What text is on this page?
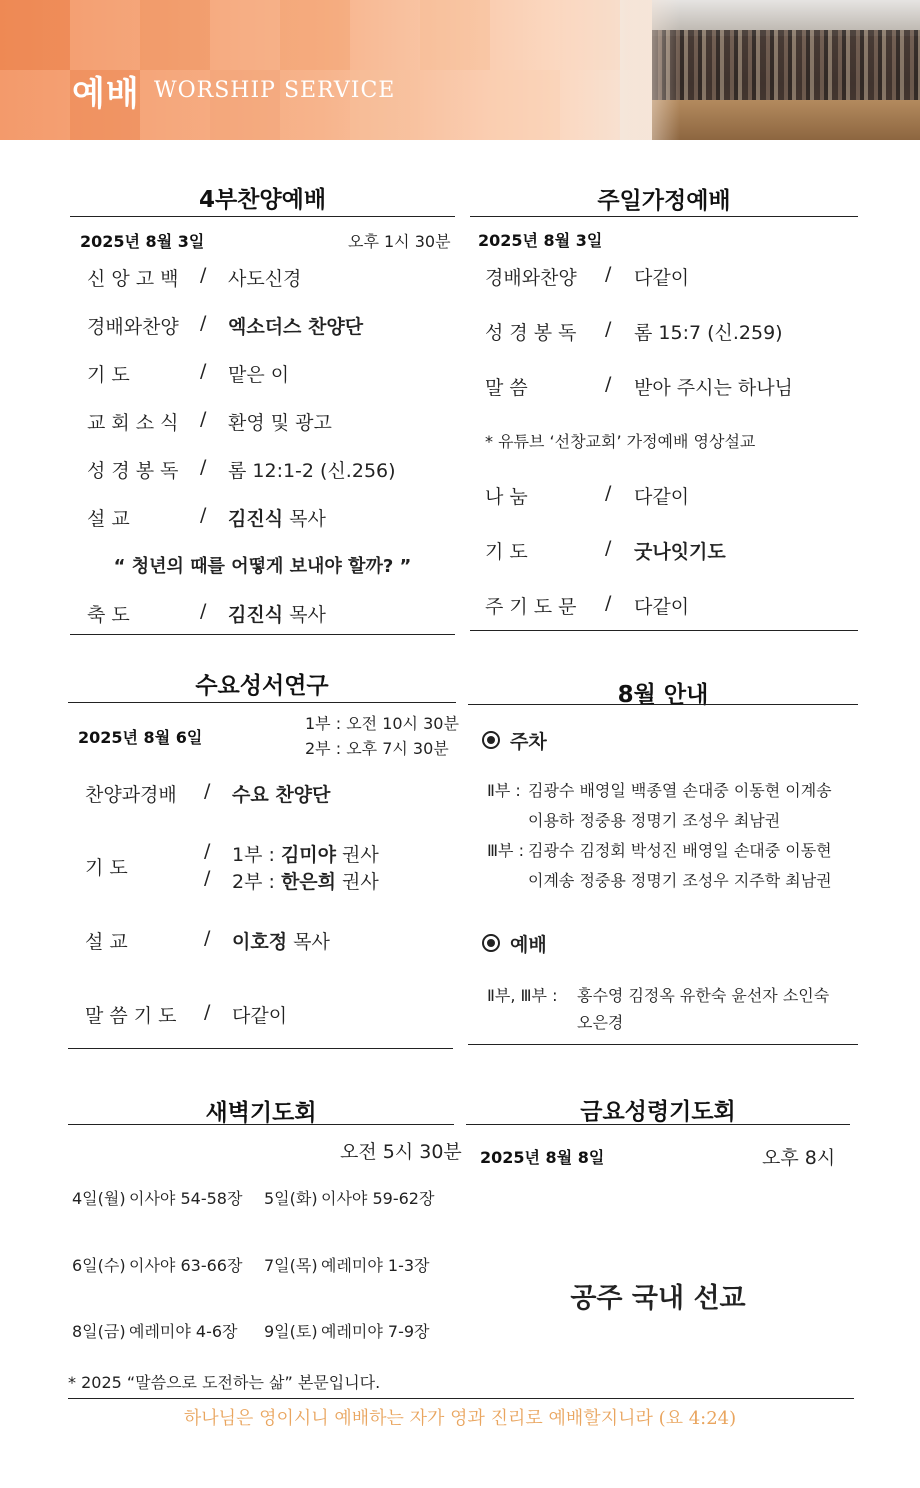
예배 WORSHIP SERVICE
4부찬양예배
2025년 8월 3일	오후 1시 30분
신 앙 고 백 / 사도신경
경배와찬양 / 엑소더스 찬양단
기 도	/ 맡은 이
교 회 소 식 / 환영 및 광고
성 경 봉 독 / 롬 12:1-2 (신.256)
설 교	/ 김진식 목사
“ 청년의 때를 어떻게 보내야 할까? ”
축 도	/ 김진식 목사
주일가정예배
2025년 8월 3일
경배와찬양 / 다같이
성 경 봉 독 / 롬 15:7 (신.259)
말 씀	/ 받아 주시는 하나님
* 유튜브 ‘선창교회’ 가정예배 영상설교
나 눔	/ 다같이
기 도	/ 굿나잇기도
주 기 도 문 / 다같이
수요성서연구
2025년 8월 6일
1부 : 오전 10시 30분
2부 : 오후 7시 30분
찬양과경배 / 수요 찬양단
기 도
/ 1부 : 김미야 권사
/ 2부 : 한은희 권사
설 교	/ 이호정 목사
말 씀 기 도 / 다같이
8월 안내
주차
Ⅱ부 : 김광수 배영일 백종열 손대중 이동현 이계송
이용하 정중용 정명기 조성우 최남권
Ⅲ부 : 김광수 김정회 박성진 배영일 손대중 이동현
이계송 정중용 정명기 조성우 지주학 최남권
예배
Ⅱ부, Ⅲ부 : 홍수영 김정옥 유한숙 윤선자 소인숙
오은경
새벽기도회
오전 5시 30분
4일(월) 이사야 54-58장 5일(화) 이사야 59-62장
6일(수) 이사야 63-66장 7일(목) 예레미야 1-3장
8일(금) 예레미야 4-6장 9일(토) 예레미야 7-9장
* 2025 “말씀으로 도전하는 삶” 본문입니다.
금요성령기도회
2025년 8월 8일	오후 8시
공주 국내 선교
하나님은 영이시니 예배하는 자가 영과 진리로 예배할지니라 (요 4:24)
